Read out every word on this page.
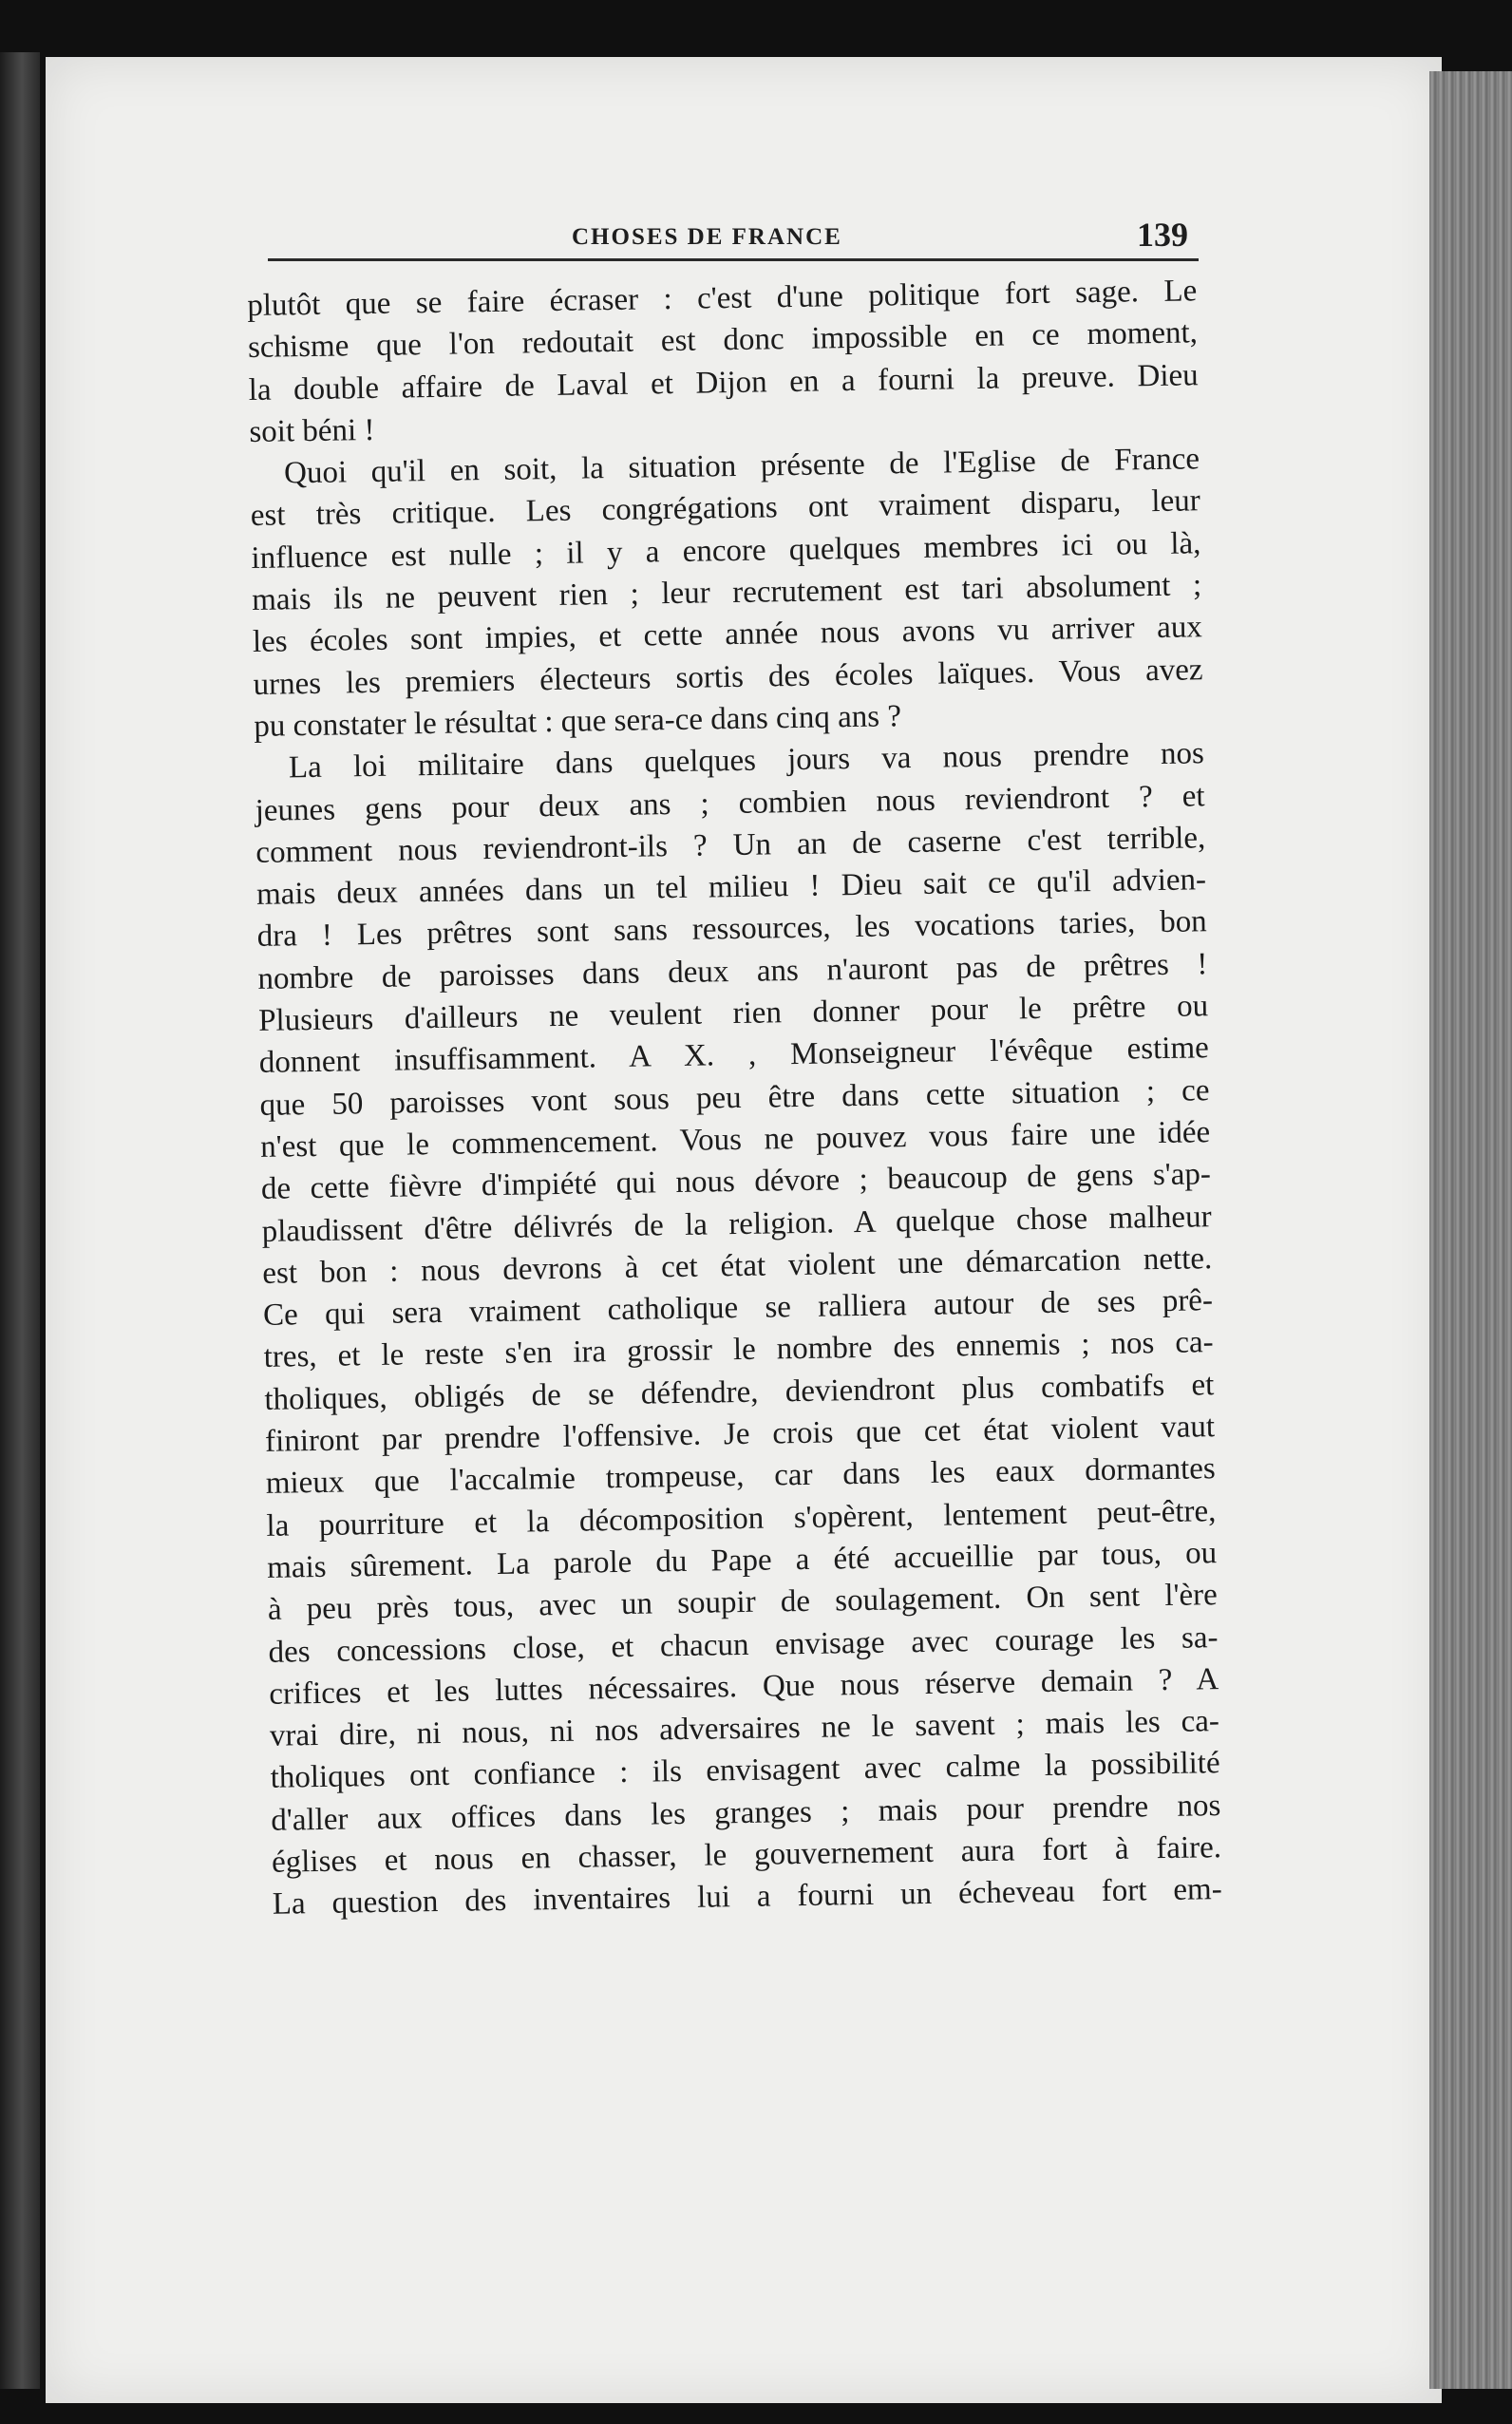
CHOSES DE FRANCE	139
plutôt que se faire écraser : c'est d'une politique fort sage. Le
schisme que l'on redoutait est donc impossible en ce moment,
la double affaire de Laval et Dijon en a fourni la preuve. Dieu
soit béni !
Quoi qu'il en soit, la situation présente de l'Eglise de France
est très critique. Les congrégations ont vraiment disparu, leur
influence est nulle ; il y a encore quelques membres ici ou là,
mais ils ne peuvent rien ; leur recrutement est tari absolument ;
les écoles sont impies, et cette année nous avons vu arriver aux
urnes les premiers électeurs sortis des écoles laïques. Vous avez
pu constater le résultat : que sera-ce dans cinq ans ?
La loi militaire dans quelques jours va nous prendre nos
jeunes gens pour deux ans ; combien nous reviendront ? et
comment nous reviendront-ils ? Un an de caserne c'est terrible,
mais deux années dans un tel milieu ! Dieu sait ce qu'il advien-
dra ! Les prêtres sont sans ressources, les vocations taries, bon
nombre de paroisses dans deux ans n'auront pas de prêtres !
Plusieurs d'ailleurs ne veulent rien donner pour le prêtre ou
donnent insuffisamment. A X. , Monseigneur l'évêque estime
que 50 paroisses vont sous peu être dans cette situation ; ce
n'est que le commencement. Vous ne pouvez vous faire une idée
de cette fièvre d'impiété qui nous dévore ; beaucoup de gens s'ap-
plaudissent d'être délivrés de la religion. A quelque chose malheur
est bon : nous devrons à cet état violent une démarcation nette.
Ce qui sera vraiment catholique se ralliera autour de ses prê-
tres, et le reste s'en ira grossir le nombre des ennemis ; nos ca-
tholiques, obligés de se défendre, deviendront plus combatifs et
finiront par prendre l'offensive. Je crois que cet état violent vaut
mieux que l'accalmie trompeuse, car dans les eaux dormantes
la pourriture et la décomposition s'opèrent, lentement peut-être,
mais sûrement. La parole du Pape a été accueillie par tous, ou
à peu près tous, avec un soupir de soulagement. On sent l'ère
des concessions close, et chacun envisage avec courage les sa-
crifices et les luttes nécessaires. Que nous réserve demain ? A
vrai dire, ni nous, ni nos adversaires ne le savent ; mais les ca-
tholiques ont confiance : ils envisagent avec calme la possibilité
d'aller aux offices dans les granges ; mais pour prendre nos
églises et nous en chasser, le gouvernement aura fort à faire.
La question des inventaires lui a fourni un écheveau fort em-
